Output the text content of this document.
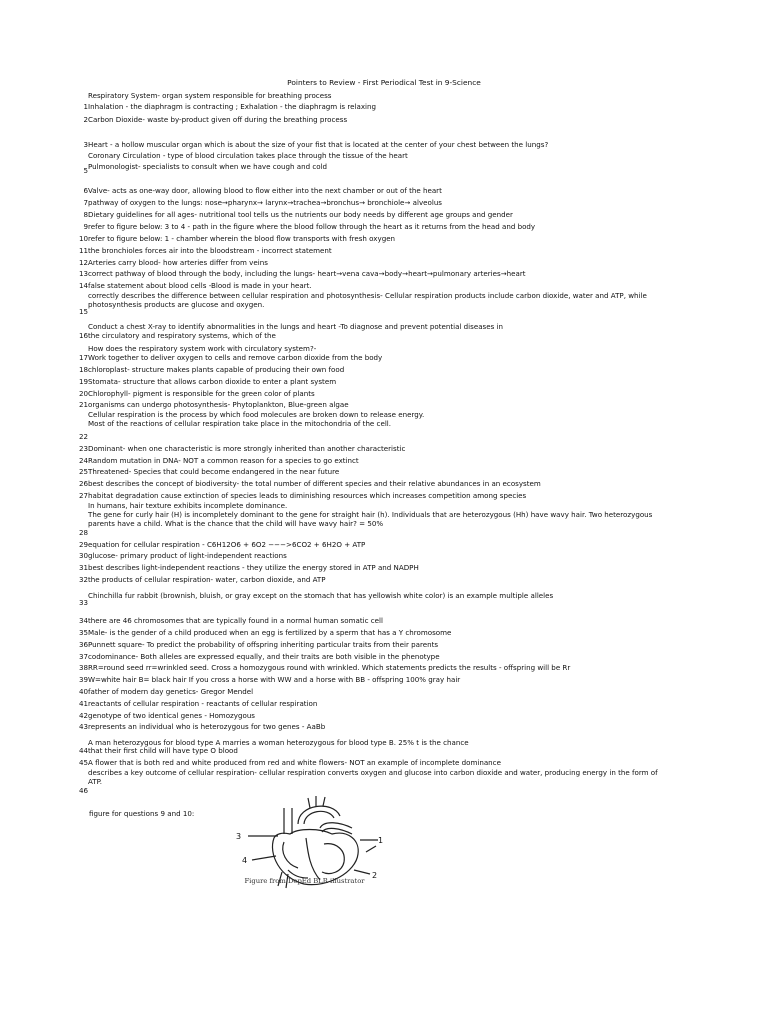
Pointers to Review - First Periodical Test in 9-Science
Respiratory System- organ system responsible for breathing process
1 Inhalation - the diaphragm is contracting ; Exhalation - the diaphragm is relaxing
2 Carbon Dioxide- waste by-product given off during the breathing process
3 Heart - a hollow muscular organ which is about the size of your fist that is located at the center of your chest between the lungs?
Coronary Circulation - type of blood circulation takes place through the tissue of the heart
Pulmonologist- specialists to consult when we have cough and cold
5
6 Valve- acts as one-way door, allowing blood to flow either into the next chamber or out of the heart
7 pathway of oxygen to the lungs: nose→pharynx→ larynx→trachea→bronchus→ bronchiole→ alveolus
8 Dietary guidelines for all ages- nutritional tool tells us the nutrients our body needs by different age groups and gender
9 refer to figure below: 3 to 4 - path in the figure where the blood follow through the heart as it returns from the head and body
10 refer to figure below: 1 - chamber wherein the blood flow transports with fresh oxygen
11 the bronchioles forces air into the bloodstream - incorrect statement
12 Arteries carry blood- how arteries differ from veins
13 correct pathway of blood through the body, including the lungs- heart→vena cava→body→heart→pulmonary arteries→heart
14 false statement about blood cells -Blood is made in your heart.
correctly describes the difference between cellular respiration and photosynthesis- Cellular respiration products include carbon dioxide, water and ATP, while
photosynthesis products are glucose and oxygen.
15
Conduct a chest X-ray to identify abnormalities in the lungs and heart -To diagnose and prevent potential diseases in
16 the circulatory and respiratory systems, which of the
How does the respiratory system work with circulatory system?-
17 Work together to deliver oxygen to cells and remove carbon dioxide from the body
18 chloroplast- structure makes plants capable of producing their own food
19 Stomata- structure that allows carbon dioxide to enter a plant system
20 Chlorophyll- pigment is responsible for the green color of plants
21 organisms can undergo photosynthesis- Phytoplankton, Blue-green algae
Cellular respiration is the process by which food molecules are broken down to release energy.
Most of the reactions of cellular respiration take place in the mitochondria of the cell.
22
23 Dominant- when one characteristic is more strongly inherited than another characteristic
24 Random mutation in DNA- NOT a common reason for a species to go extinct
25 Threatened- Species that could become endangered in the near future
26 best describes the concept of biodiversity- the total number of different species and their relative abundances in an ecosystem
27 habitat degradation cause extinction of species leads to diminishing resources which increases competition among species
In humans, hair texture exhibits incomplete dominance.
The gene for curly hair (H) is incompletely dominant to the gene for straight hair (h). Individuals that are heterozygous (Hh) have wavy hair. Two heterozygous
parents have a child. What is the chance that the child will have wavy hair? = 50%
28
29 equation for cellular respiration - C6H12O6 + 6O2 −−−>6CO2 + 6H2O + ATP
30 glucose- primary product of light-independent reactions
31 best describes light-independent reactions - they utilize the energy stored in ATP and NADPH
32 the products of cellular respiration- water, carbon dioxide, and ATP
Chinchilla fur rabbit (brownish, bluish, or gray except on the stomach that has yellowish white color) is an example multiple alleles
33
34 there are 46 chromosomes that are typically found in a normal human somatic cell
35 Male- is the gender of a child produced when an egg is fertilized by a sperm that has a Y chromosome
36 Punnett square- To predict the probability of offspring inheriting particular traits from their parents
37 codominance- Both alleles are expressed equally, and their traits are both visible in the phenotype
38 RR=round seed rr=wrinkled seed. Cross a homozygous round with wrinkled. Which statements predicts the results - offspring will be Rr
39 W=white hair B= black hair If you cross a horse with WW and a horse with BB - offspring 100% gray hair
40 father of modern day genetics- Gregor Mendel
41 reactants of cellular respiration - reactants of cellular respiration
42 genotype of two identical genes - Homozygous
43 represents an individual who is heterozygous for two genes - AaBb
A man heterozygous for blood type A marries a woman heterozygous for blood type B. 25% t is the chance
44 that their first child will have type O blood
45 A flower that is both red and white produced from red and white flowers- NOT an example of incomplete dominance
describes a key outcome of cellular respiration- cellular respiration converts oxygen and glucose into carbon dioxide and water, producing energy in the form of
ATP.
46
figure for questions 9 and 10:
3
4
1
2
Figure from DepEd BLR illustrator
